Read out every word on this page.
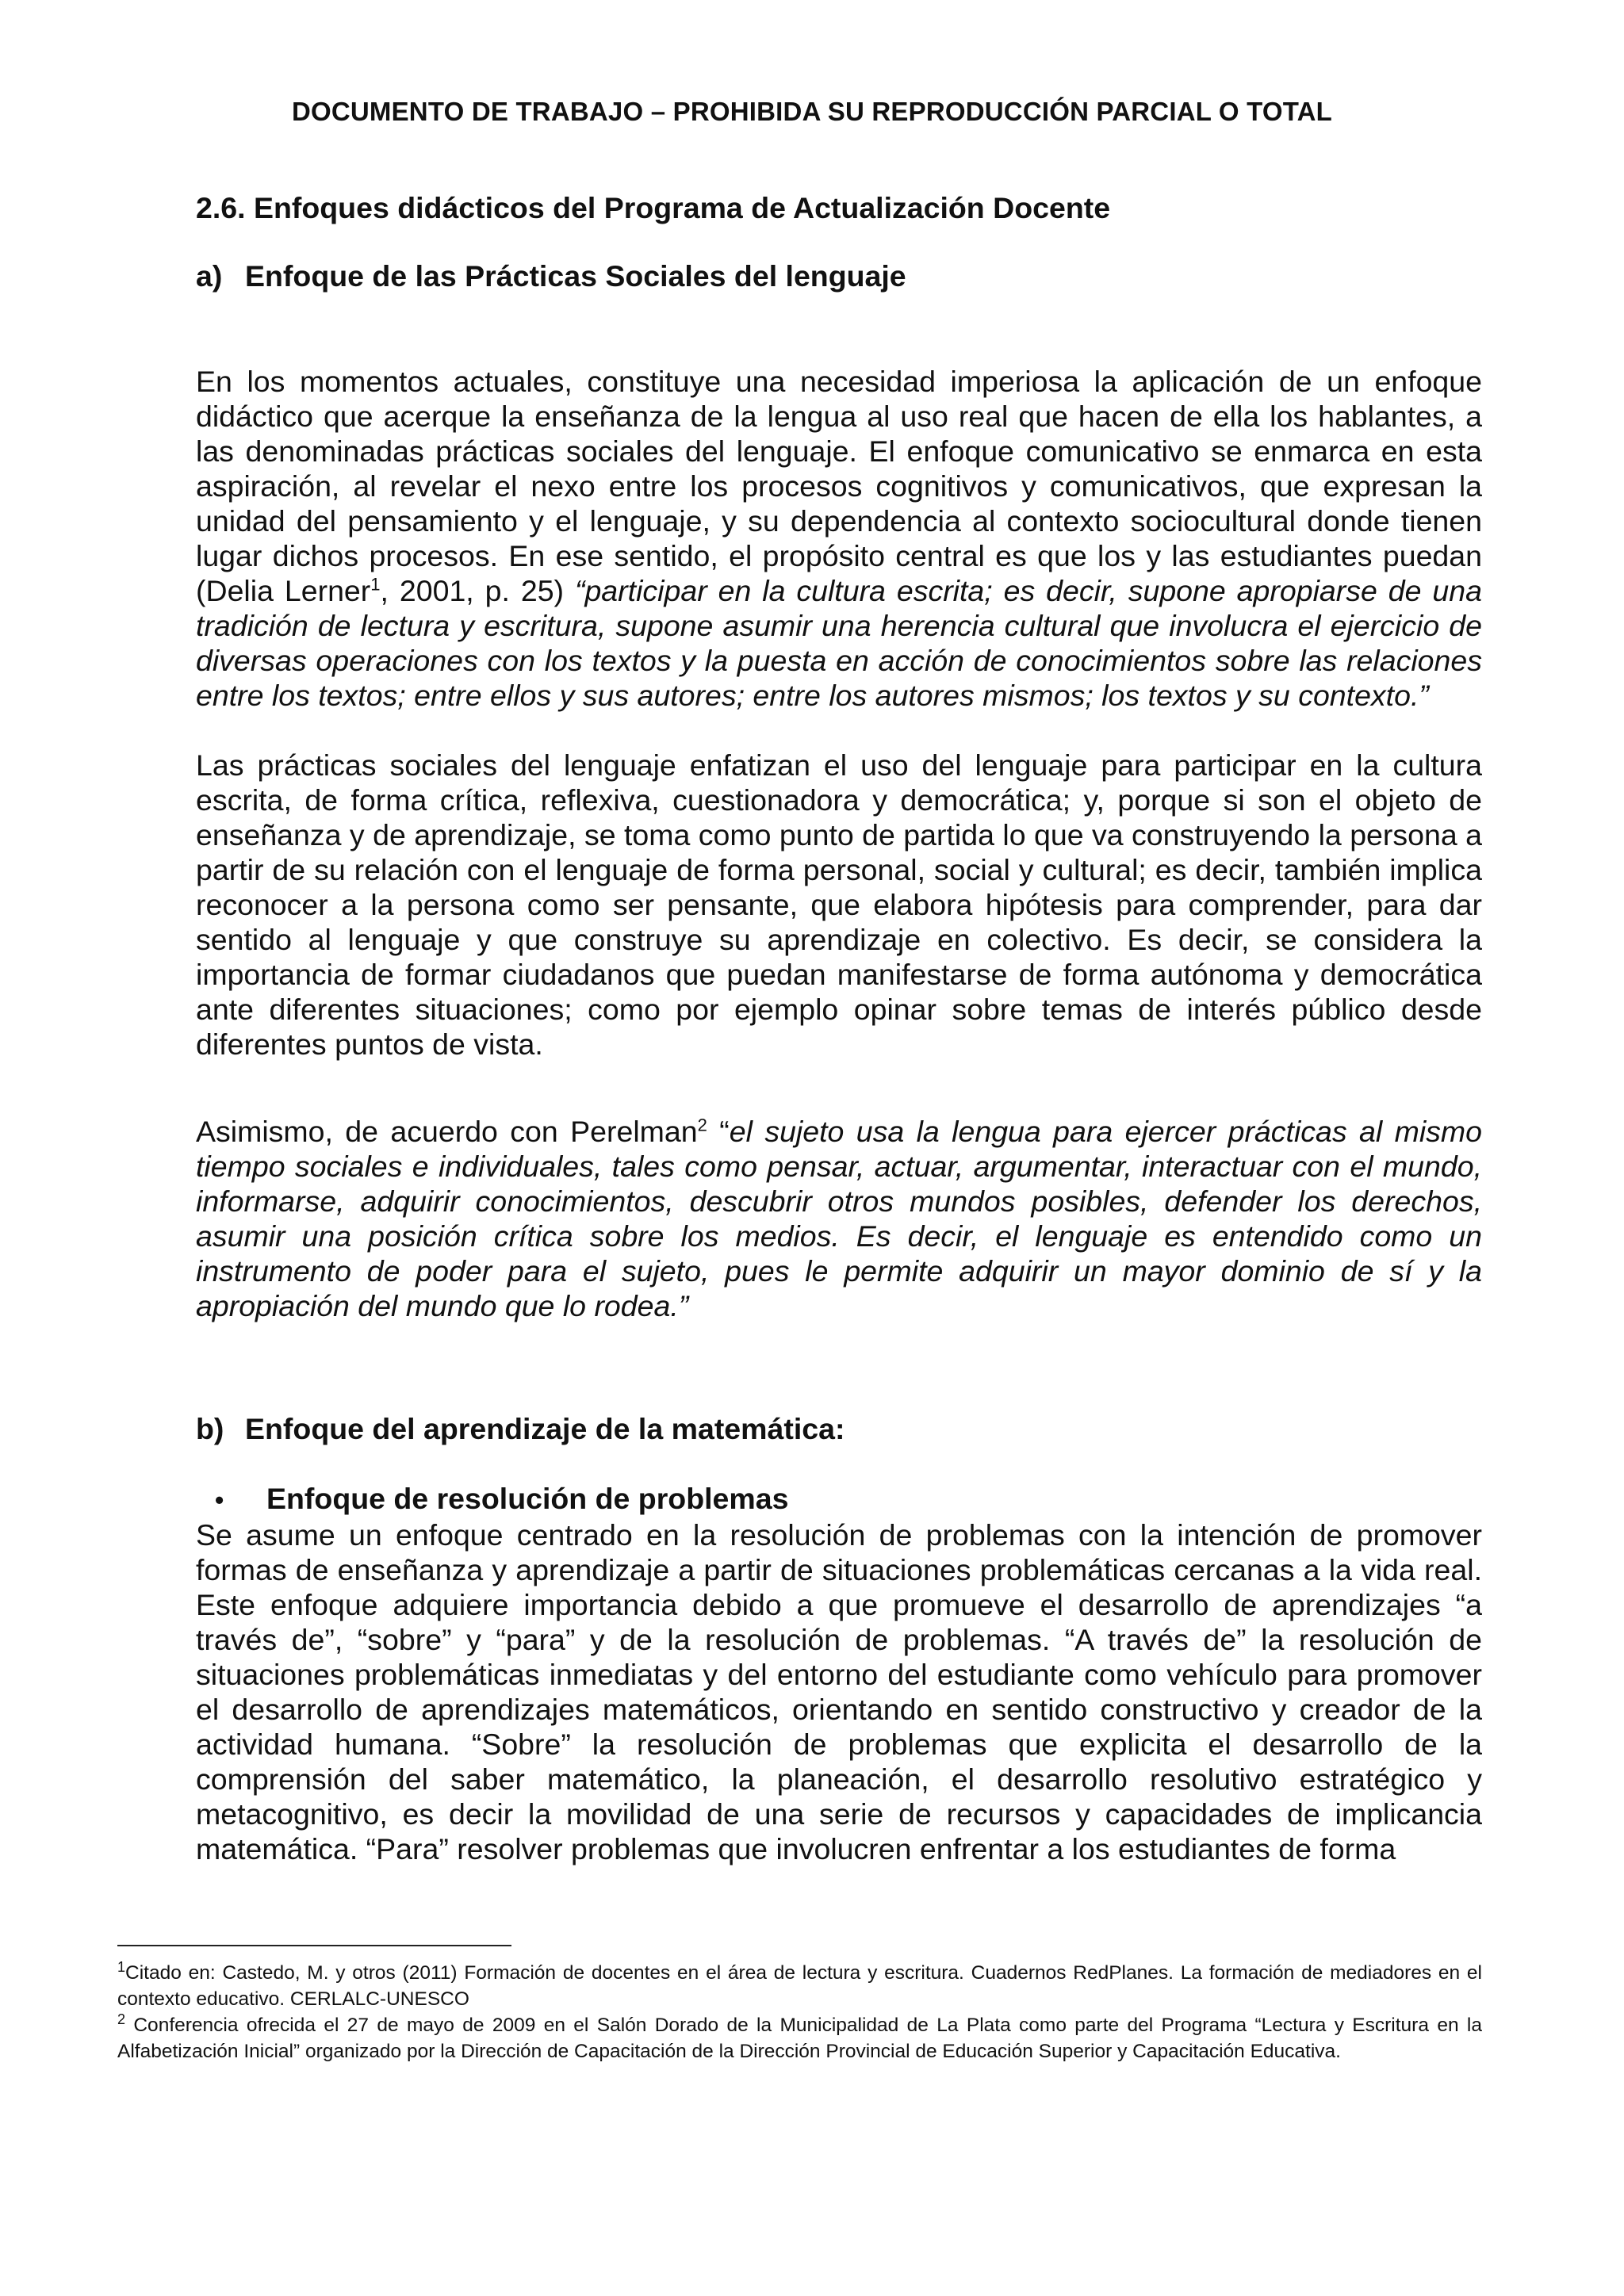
DOCUMENTO DE TRABAJO – PROHIBIDA SU REPRODUCCIÓN PARCIAL O TOTAL
2.6. Enfoques didácticos del Programa de Actualización Docente
a) Enfoque de las Prácticas Sociales del lenguaje

En los momentos actuales, constituye una necesidad imperiosa la aplicación de un enfoque didáctico que acerque la enseñanza de la lengua al uso real que hacen de ella los hablantes, a las denominadas prácticas sociales del lenguaje. El enfoque comunicativo se enmarca en esta aspiración, al revelar el nexo entre los procesos cognitivos y comunicativos, que expresan la unidad del pensamiento y el lenguaje, y su dependencia al contexto sociocultural donde tienen lugar dichos procesos. En ese sentido, el propósito central es que los y las estudiantes puedan (Delia Lerner$^1$, 2001, p. 25) “participar en la cultura escrita; es decir, supone apropiarse de una tradición de lectura y escritura, supone asumir una herencia cultural que involucra el ejercicio de diversas operaciones con los textos y la puesta en acción de conocimientos sobre las relaciones entre los textos; entre ellos y sus autores; entre los autores mismos; los textos y su contexto.”

Las prácticas sociales del lenguaje enfatizan el uso del lenguaje para participar en la cultura escrita, de forma crítica, reflexiva, cuestionadora y democrática; y, porque si son el objeto de enseñanza y de aprendizaje, se toma como punto de partida lo que va construyendo la persona a partir de su relación con el lenguaje de forma personal, social y cultural; es decir, también implica reconocer a la persona como ser pensante, que elabora hipótesis para comprender, para dar sentido al lenguaje y que construye su aprendizaje en colectivo. Es decir, se considera la importancia de formar ciudadanos que puedan manifestarse de forma autónoma y democrática ante diferentes situaciones; como por ejemplo opinar sobre temas de interés público desde diferentes puntos de vista.

Asimismo, de acuerdo con Perelman$^2$ “el sujeto usa la lengua para ejercer prácticas al mismo tiempo sociales e individuales, tales como pensar, actuar, argumentar, interactuar con el mundo, informarse, adquirir conocimientos, descubrir otros mundos posibles, defender los derechos, asumir una posición crítica sobre los medios. Es decir, el lenguaje es entendido como un instrumento de poder para el sujeto, pues le permite adquirir un mayor dominio de sí y la apropiación del mundo que lo rodea.”

b) Enfoque del aprendizaje de la matemática:
•	Enfoque de resolución de problemas

Se asume un enfoque centrado en la resolución de problemas con la intención de promover formas de enseñanza y aprendizaje a partir de situaciones problemáticas cercanas a la vida real. Este enfoque adquiere importancia debido a que promueve el desarrollo de aprendizajes “a través de”, “sobre” y “para” y de la resolución de problemas. “A través de” la resolución de situaciones problemáticas inmediatas y del entorno del estudiante como vehículo para promover el desarrollo de aprendizajes matemáticos, orientando en sentido constructivo y creador de la actividad humana. “Sobre” la resolución de problemas que explicita el desarrollo de la comprensión del saber matemático, la planeación, el desarrollo resolutivo estratégico y metacognitivo, es decir la movilidad de una serie de recursos y capacidades de implicancia matemática. “Para” resolver problemas que involucren enfrentar a los estudiantes de forma

$^1$Citado en: Castedo, M. y otros (2011) Formación de docentes en el área de lectura y escritura. Cuadernos RedPlanes. La formación de mediadores en el contexto educativo. CERLALC-UNESCO

$^2$ Conferencia ofrecida el 27 de mayo de 2009 en el Salón Dorado de la Municipalidad de La Plata como parte del Programa “Lectura y Escritura en la Alfabetización Inicial” organizado por la Dirección de Capacitación de la Dirección Provincial de Educación Superior y Capacitación Educativa.
